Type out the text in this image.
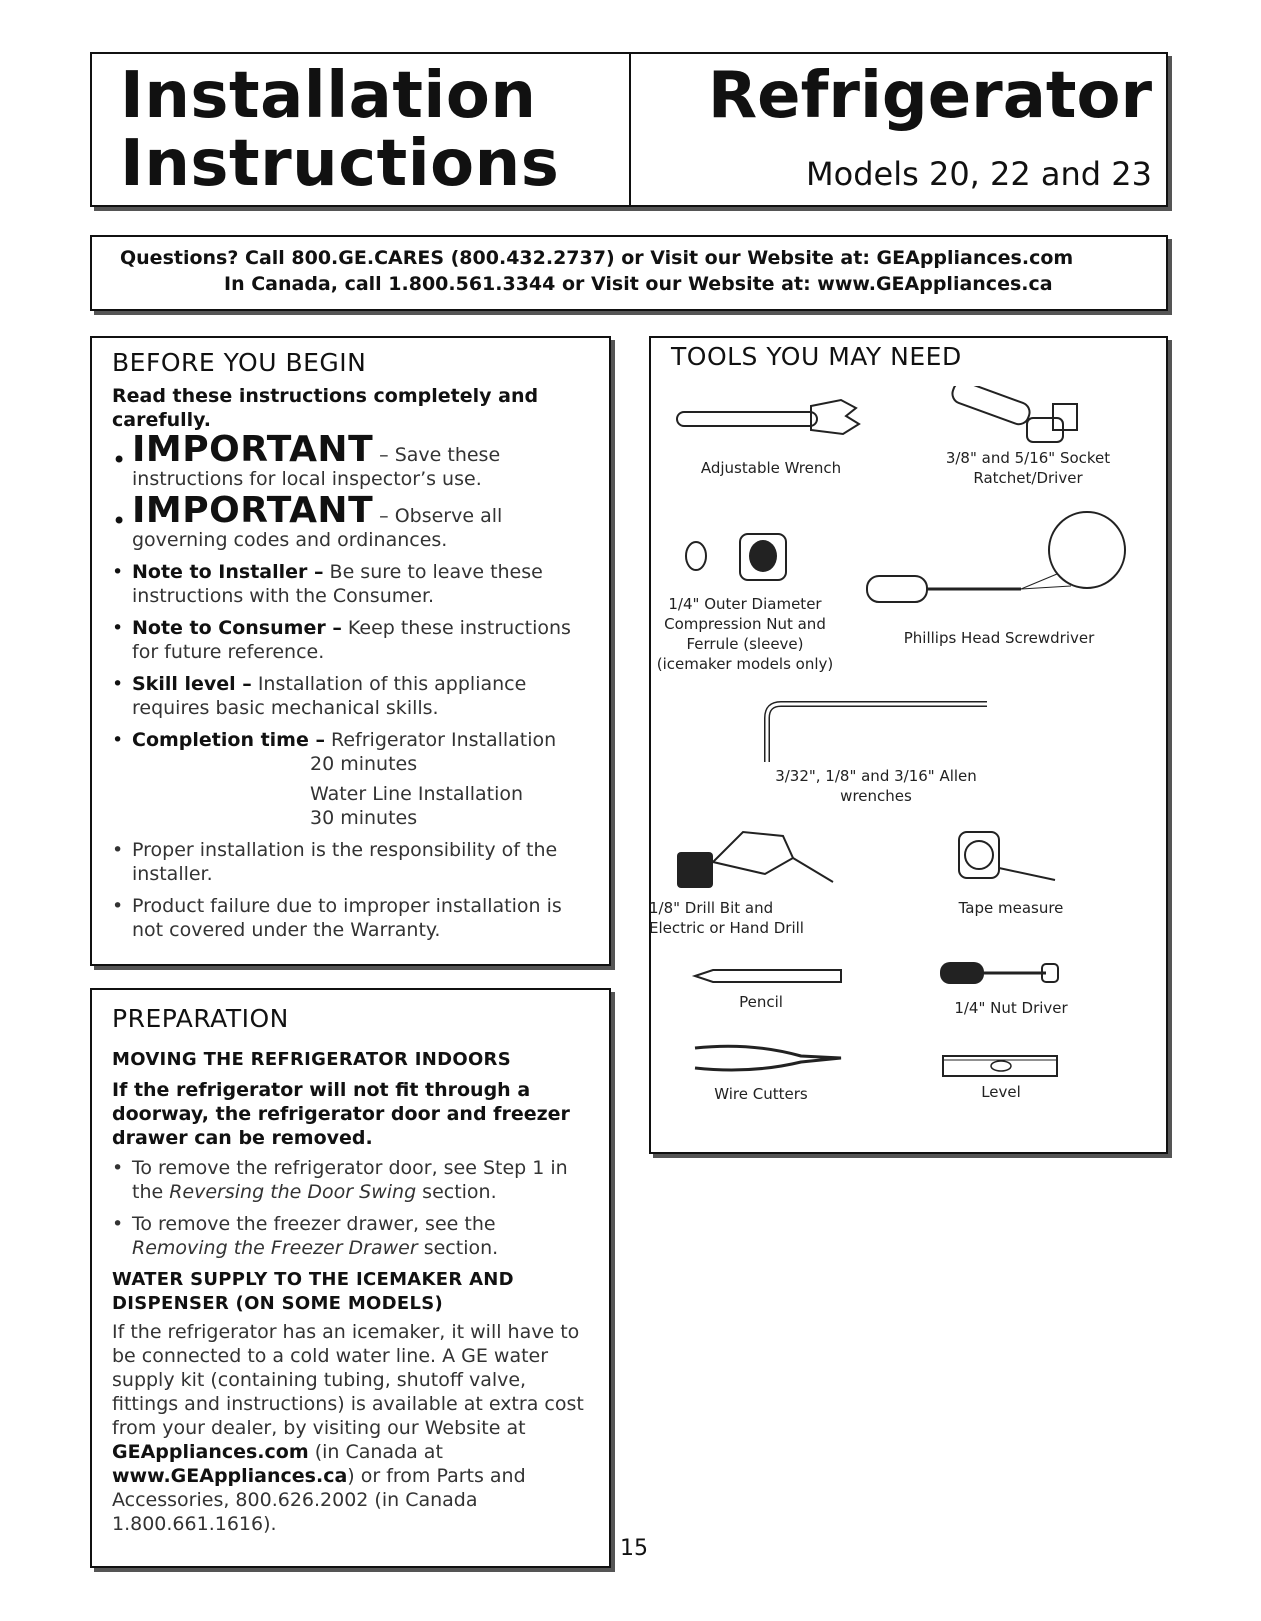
Installation
Instructions
Refrigerator
Models 20, 22 and 23
Questions? Call 800.GE.CARES (800.432.2737) or Visit our Website at: GEAppliances.com
In Canada, call 1.800.561.3344 or Visit our Website at: www.GEAppliances.ca
BEFORE YOU BEGIN
Read these instructions completely and carefully.
• IMPORTANT – Save these instructions for local inspector’s use.
• IMPORTANT – Observe all governing codes and ordinances.
• Note to Installer – Be sure to leave these instructions with the Consumer.
• Note to Consumer – Keep these instructions for future reference.
• Skill level – Installation of this appliance requires basic mechanical skills.
• Completion time – Refrigerator Installation
20 minutes
Water Line Installation
30 minutes
• Proper installation is the responsibility of the installer.
• Product failure due to improper installation is not covered under the Warranty.
PREPARATION
MOVING THE REFRIGERATOR INDOORS
If the refrigerator will not fit through a doorway, the refrigerator door and freezer drawer can be removed.
• To remove the refrigerator door, see Step 1 in the Reversing the Door Swing section.
• To remove the freezer drawer, see the Removing the Freezer Drawer section.
WATER SUPPLY TO THE ICEMAKER AND DISPENSER (ON SOME MODELS)
If the refrigerator has an icemaker, it will have to be connected to a cold water line. A GE water supply kit (containing tubing, shutoff valve, fittings and instructions) is available at extra cost from your dealer, by visiting our Website at GEAppliances.com (in Canada at www.GEAppliances.ca) or from Parts and Accessories, 800.626.2002 (in Canada 1.800.661.1616).
TOOLS YOU MAY NEED
Adjustable Wrench
3/8" and 5/16" Socket Ratchet/Driver
1/4" Outer Diameter Compression Nut and Ferrule (sleeve) (icemaker models only)
Phillips Head Screwdriver
3/32", 1/8" and 3/16" Allen wrenches
1/8" Drill Bit and Electric or Hand Drill
Tape measure
Pencil	1/4" Nut Driver
Wire Cutters	Level
15
